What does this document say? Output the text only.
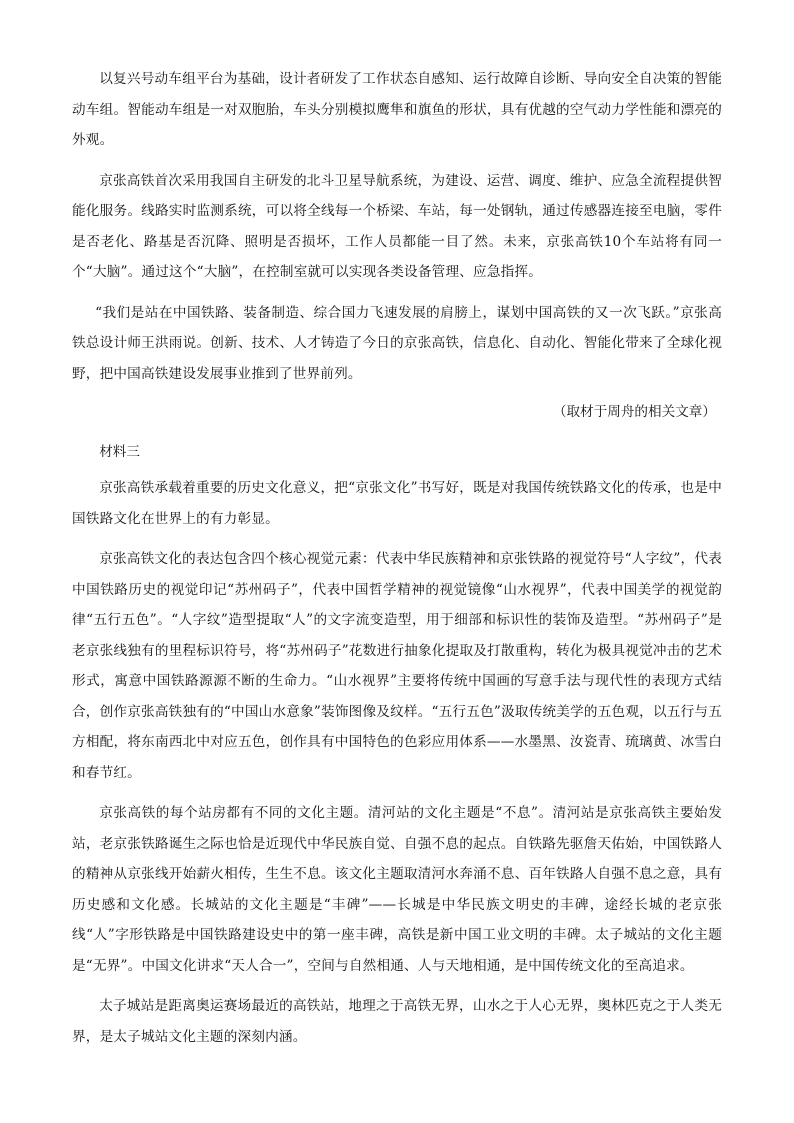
以复兴号动车组平台为基础，设计者研发了工作状态自感知、运行故障自诊断、导向安全自决策的智能动车组。智能动车组是一对双胞胎，车头分别模拟鹰隼和旗鱼的形状，具有优越的空气动力学性能和漂亮的外观。

京张高铁首次采用我国自主研发的北斗卫星导航系统，为建设、运营、调度、维护、应急全流程提供智能化服务。线路实时监测系统，可以将全线每一个桥梁、车站，每一处钢轨，通过传感器连接至电脑，零件是否老化、路基是否沉降、照明是否损坏，工作人员都能一目了然。未来，京张高铁10个车站将有同一个“大脑”。通过这个“大脑”，在控制室就可以实现各类设备管理、应急指挥。

“我们是站在中国铁路、装备制造、综合国力飞速发展的肩膀上，谋划中国高铁的又一次飞跃。”京张高铁总设计师王洪雨说。创新、技术、人才铸造了今日的京张高铁，信息化、自动化、智能化带来了全球化视野，把中国高铁建设发展事业推到了世界前列。

（取材于周舟的相关文章）
材料三

京张高铁承载着重要的历史文化意义，把“京张文化”书写好，既是对我国传统铁路文化的传承，也是中国铁路文化在世界上的有力彰显。

京张高铁文化的表达包含四个核心视觉元素：代表中华民族精神和京张铁路的视觉符号“人字纹”，代表中国铁路历史的视觉印记“苏州码子”，代表中国哲学精神的视觉镜像“山水视界”，代表中国美学的视觉韵律“五行五色”。“人字纹”造型提取“人”的文字流变造型，用于细部和标识性的装饰及造型。“苏州码子”是老京张线独有的里程标识符号，将“苏州码子”花数进行抽象化提取及打散重构，转化为极具视觉冲击的艺术形式，寓意中国铁路源源不断的生命力。“山水视界”主要将传统中国画的写意手法与现代性的表现方式结合，创作京张高铁独有的“中国山水意象”装饰图像及纹样。“五行五色”汲取传统美学的五色观，以五行与五方相配，将东南西北中对应五色，创作具有中国特色的色彩应用体系——水墨黑、汝瓷青、琉璃黄、冰雪白和春节红。

京张高铁的每个站房都有不同的文化主题。清河站的文化主题是“不息”。清河站是京张高铁主要始发站，老京张铁路诞生之际也恰是近现代中华民族自觉、自强不息的起点。自铁路先驱詹天佑始，中国铁路人的精神从京张线开始薪火相传，生生不息。该文化主题取清河水奔涌不息、百年铁路人自强不息之意，具有历史感和文化感。长城站的文化主题是“丰碑”——长城是中华民族文明史的丰碑，途经长城的老京张线“人”字形铁路是中国铁路建设史中的第一座丰碑，高铁是新中国工业文明的丰碑。太子城站的文化主题是“无界”。中国文化讲求“天人合一”，空间与自然相通、人与天地相通，是中国传统文化的至高追求。

太子城站是距离奥运赛场最近的高铁站，地理之于高铁无界，山水之于人心无界，奥林匹克之于人类无界，是太子城站文化主题的深刻内涵。
